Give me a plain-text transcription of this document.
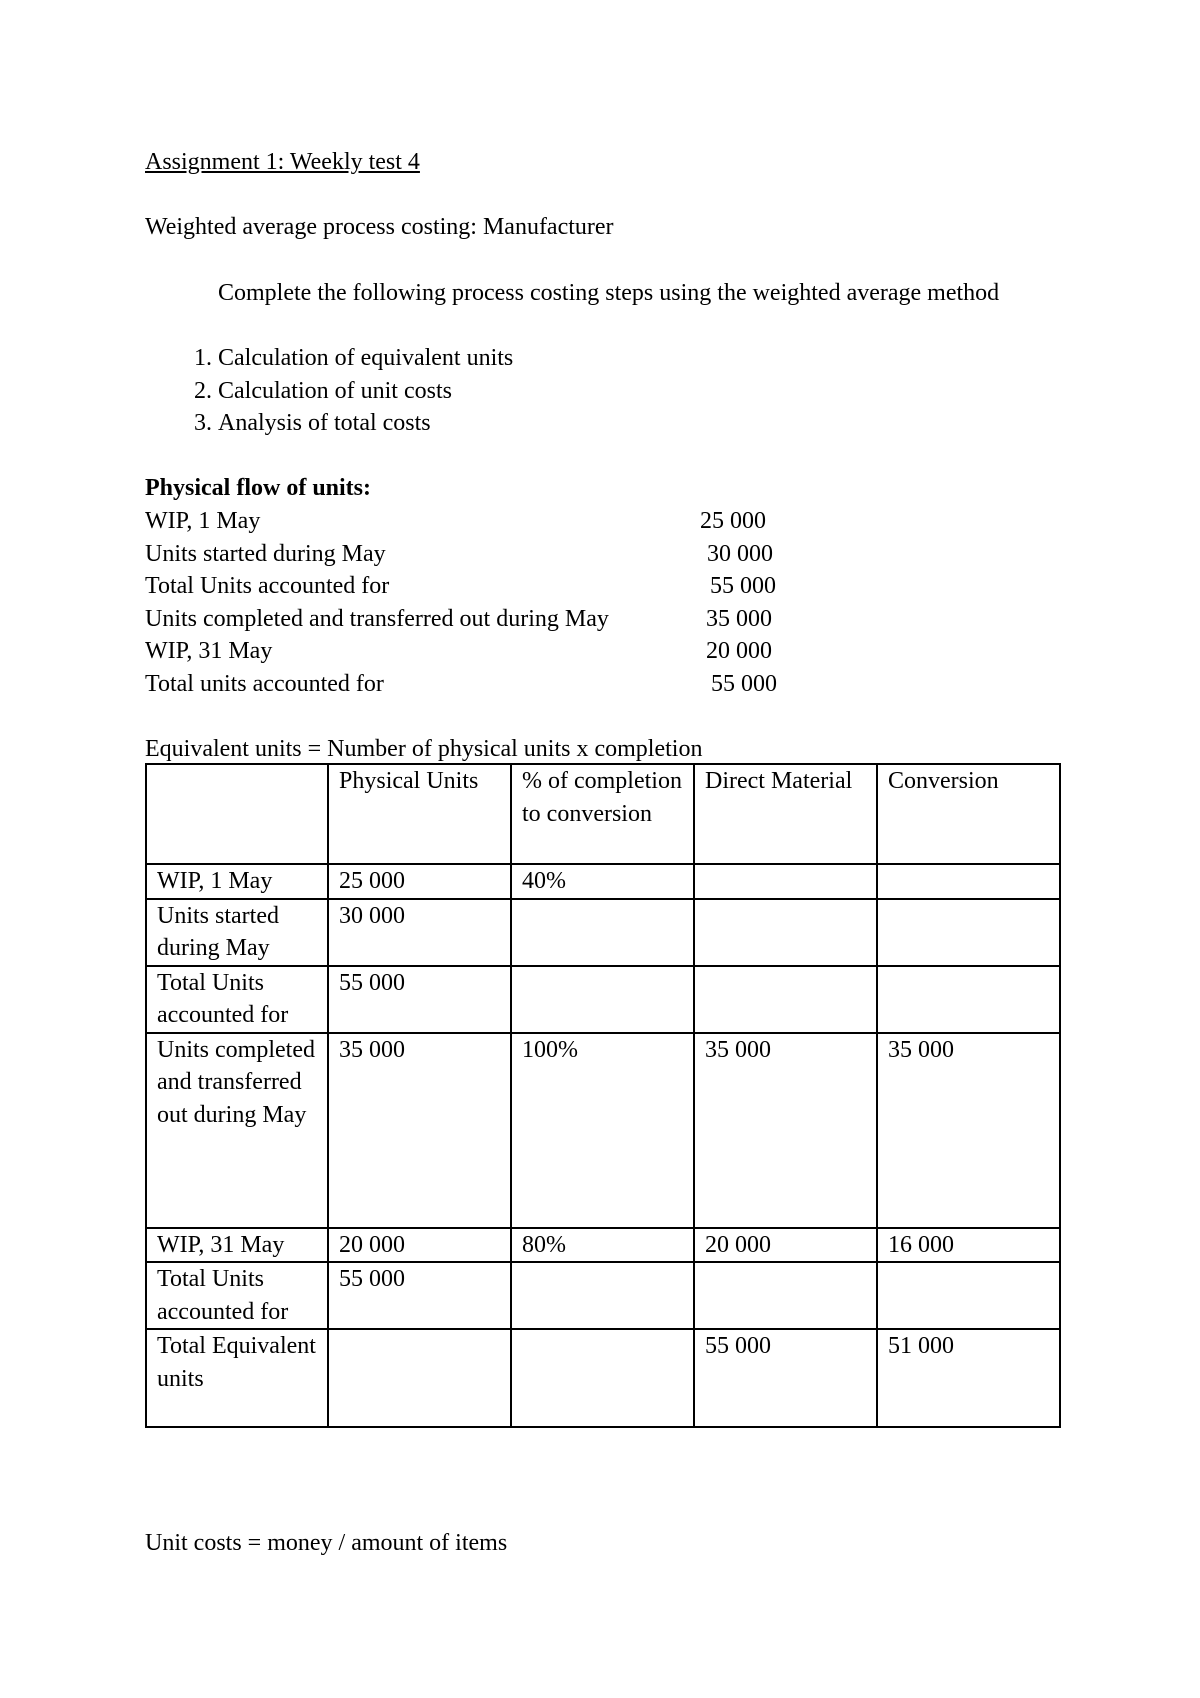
Assignment 1: Weekly test 4
Weighted average process costing: Manufacturer
Complete the following process costing steps using the weighted average method
1. Calculation of equivalent units
2. Calculation of unit costs
3. Analysis of total costs
Physical flow of units:
WIP, 1 May	25 000
Units started during May	30 000
Total Units accounted for	55 000
Units completed and transferred out during May	35 000
WIP, 31 May	20 000
Total units accounted for	55 000
Equivalent units = Number of physical units x completion
	Physical Units	% of completion to conversion	Direct Material	Conversion
WIP, 1 May	25 000	40%		
Units started during May	30 000			
Total Units accounted for	55 000			
Units completed and transferred out during May	35 000	100%	35 000	35 000
WIP, 31 May	20 000	80%	20 000	16 000
Total Units accounted for	55 000			
Total Equivalent units			55 000	51 000
Unit costs = money / amount of items
